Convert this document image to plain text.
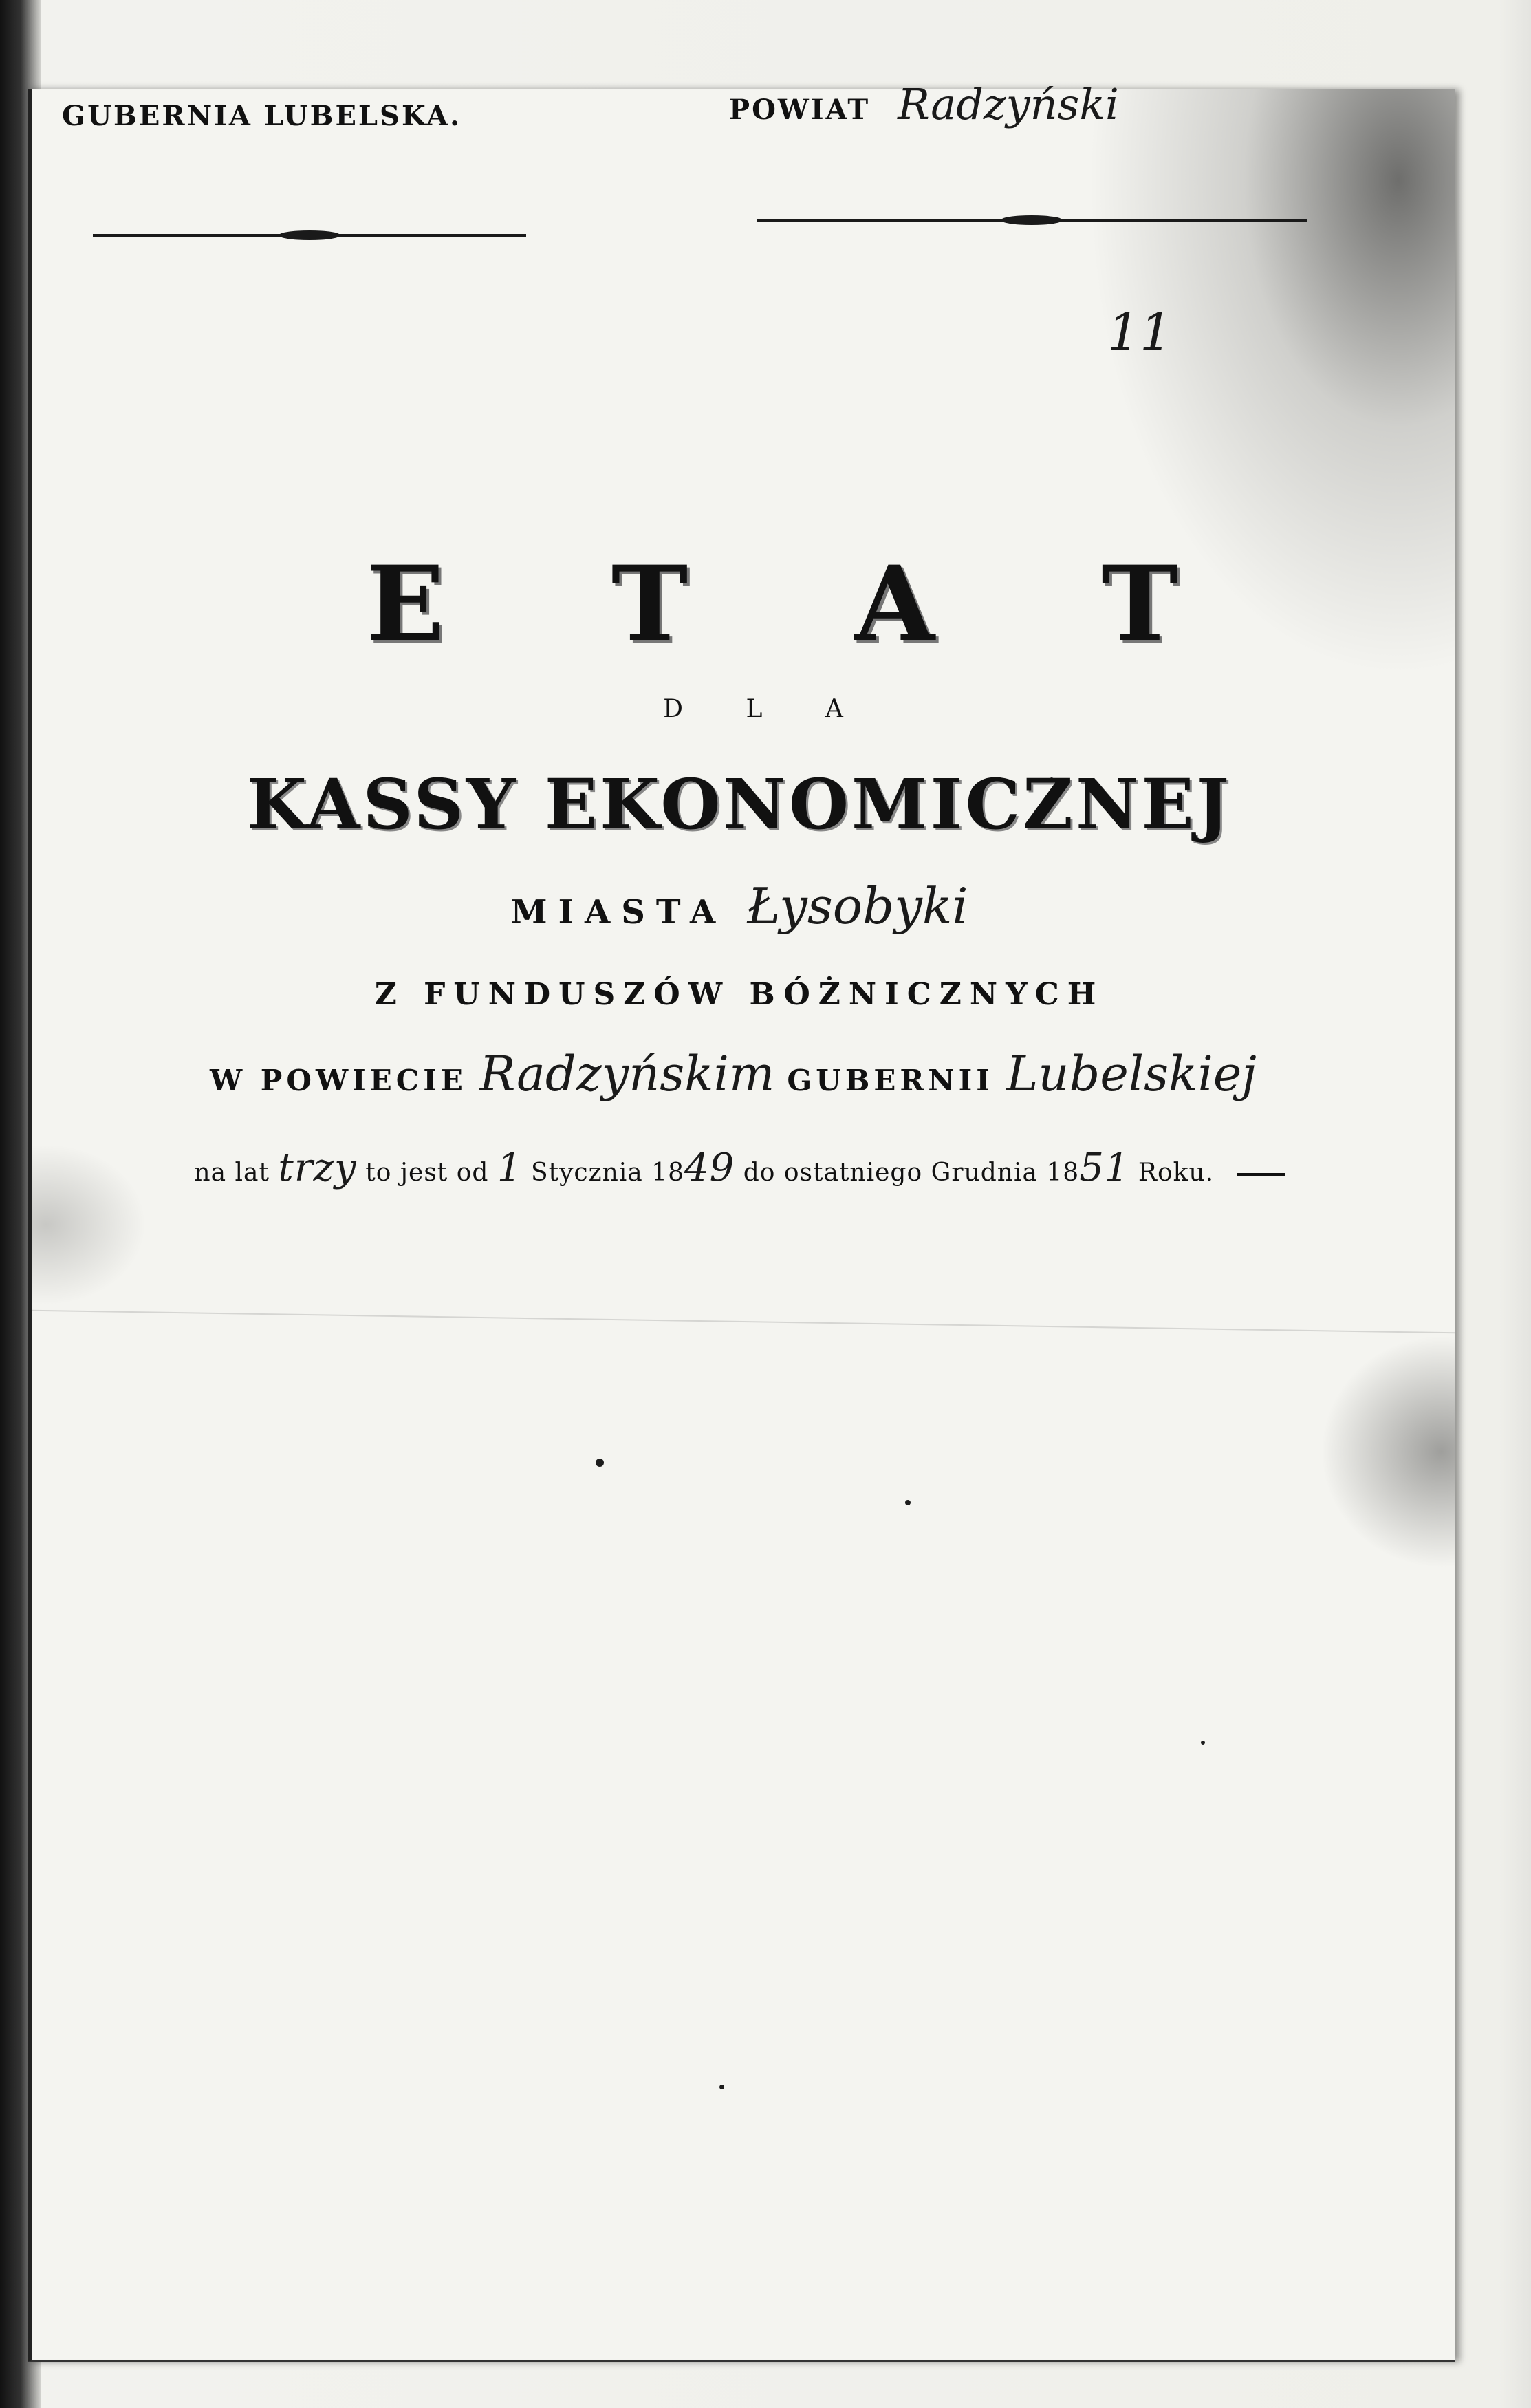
GUBERNIA LUBELSKA.	POWIAT Radzyński
11
E T A T
D L A
KASSY EKONOMICZNEJ
MIASTA Łysobyki
Z FUNDUSZÓW BÓŻNICZNYCH
W POWIECIE Radzyńskim GUBERNII Lubelskiej
na lat trzy to jest od 1 Stycznia 1849 do ostatniego Grudnia 1851 Roku.
